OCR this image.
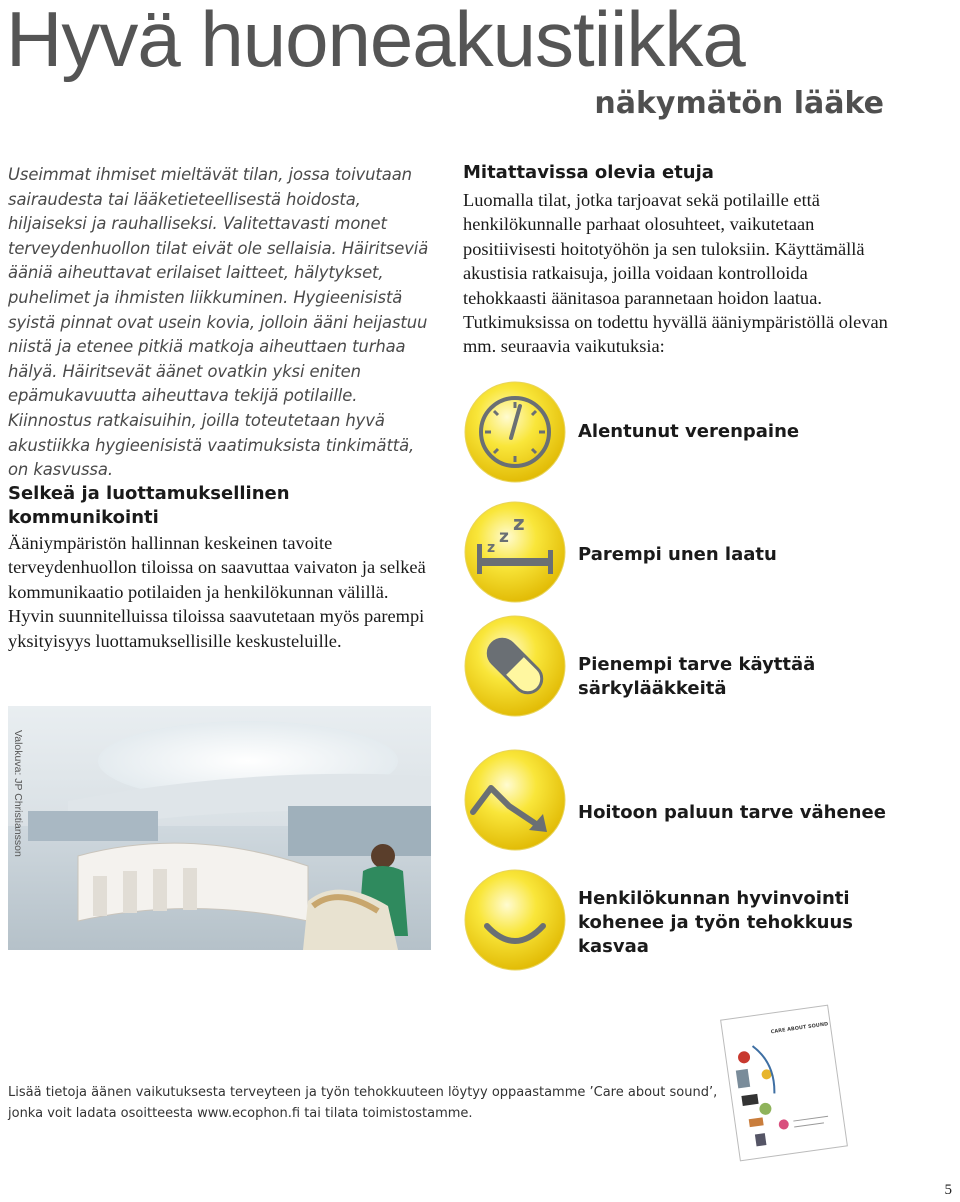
Hyvä huoneakustiikka
näkymätön lääke
Useimmat ihmiset mieltävät tilan, jossa toivutaan sairaudesta tai lääketieteellisestä hoidosta, hiljaiseksi ja rauhalliseksi. Valitettavasti monet terveydenhuollon tilat eivät ole sellaisia. Häiritseviä ääniä aiheuttavat erilaiset laitteet, hälytykset, puhelimet ja ihmisten liikkuminen. Hygieenisistä syistä pinnat ovat usein kovia, jolloin ääni heijastuu niistä ja etenee pitkiä matkoja aiheuttaen turhaa hälyä. Häiritsevät äänet ovatkin yksi eniten epämukavuutta aiheuttava tekijä potilaille. Kiinnostus ratkaisuihin, joilla toteutetaan hyvä akustiikka hygieenisistä vaatimuksista tinkimättä, on kasvussa.
Selkeä ja luottamuksellinen kommunikointi
Ääniympäristön hallinnan keskeinen tavoite terveydenhuollon tiloissa on saavuttaa vaivaton ja selkeä kommunikaatio potilaiden ja henkilökunnan välillä. Hyvin suunnitelluissa tiloissa saavutetaan myös parempi yksityisyys luottamuksellisille keskusteluille.
Mitattavissa olevia etuja
Luomalla tilat, jotka tarjoavat sekä potilaille että henkilökunnalle parhaat olosuhteet, vaikutetaan positiivisesti hoitotyöhön ja sen tuloksiin. Käyttämällä akustisia ratkaisuja, joilla voidaan kontrolloida tehokkaasti äänitasoa parannetaan hoidon laatua. Tutkimuksissa on todettu hyvällä ääniympäristöllä olevan mm. seuraavia vaikutuksia:
Valokuva: JP Christiansson
z
z
z
Alentunut verenpaine
Parempi unen laatu
Pienempi tarve käyttää särkylääkkeitä
Hoitoon paluun tarve vähenee
Henkilökunnan hyvinvointi kohenee ja työn tehokkuus kasvaa
Lisää tietoja äänen vaikutuksesta terveyteen ja työn tehokkuuteen löytyy oppaastamme ’Care about sound’, jonka voit ladata osoitteesta www.ecophon.fi tai tilata toimistostamme.
CARE ABOUT SOUND
5
